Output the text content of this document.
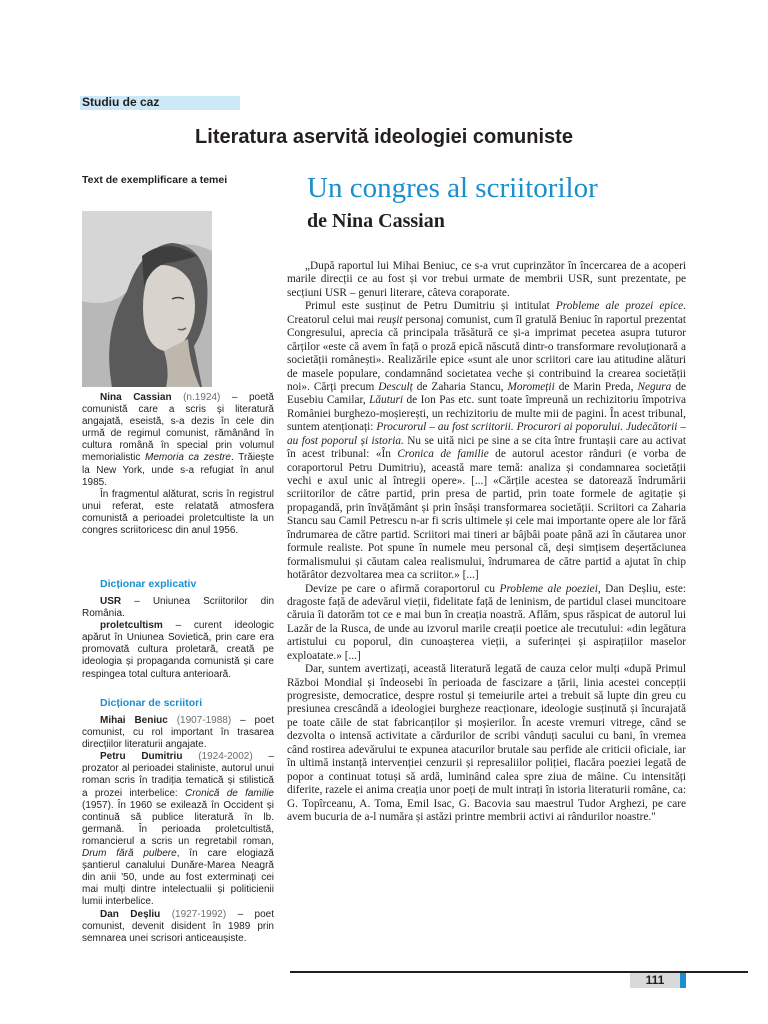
Studiu de caz
Literatura aservită ideologiei comuniste
Text de exemplificare a temei

Nina Cassian (n.1924) – poetă comunistă care a scris și literatură angajată, eseistă, s-a dezis în cele din urmă de regimul comunist, rămânând în cultura română în special prin volumul memorialistic Memoria ca zestre. Trăiește la New York, unde s-a refugiat în anul 1985.

În fragmentul alăturat, scris în registrul unui referat, este relatată atmosfera comunistă a perioadei proletcultiste la un congres scriitoricesc din anul 1956.

Dicționar explicativ

USR – Uniunea Scriitorilor din România.

proletcultism – curent ideologic apărut în Uniunea Sovietică, prin care era promovată cultura proletară, creată pe ideologia și propaganda comunistă și care respingea total cultura anterioară.

Dicționar de scriitori

Mihai Beniuc (1907-1988) – poet comunist, cu rol important în trasarea direcțiilor literaturii angajate.

Petru Dumitriu (1924-2002) – prozator al perioadei staliniste, autorul unui roman scris în tradiția tematică și stilistică a prozei interbelice: Cronică de familie (1957). În 1960 se exilează în Occident și continuă să publice literatură în lb. germană. În perioada proletcultistă, romancierul a scris un regretabil roman, Drum fără pulbere, în care elogiază șantierul canalului Dunăre-Marea Neagră din anii '50, unde au fost exterminați cei mai mulți dintre intelectualii și politicienii lumii interbelice.

Dan Deșliu (1927-1992) – poet comunist, devenit disident în 1989 prin semnarea unei scrisori anticeaușiste.

Un congres al scriitorilor
de Nina Cassian

„După raportul lui Mihai Beniuc, ce s-a vrut cuprinzător în încercarea de a acoperi marile direcții ce au fost și vor trebui urmate de membrii USR, sunt prezentate, pe secțiuni USR – genuri literare, câteva coraporate.

Primul este susținut de Petru Dumitriu și intitulat Probleme ale prozei epice. Creatorul celui mai reușit personaj comunist, cum îl gratulă Beniuc în raportul prezentat Congresului, aprecia că principala trăsătură ce și-a imprimat pecetea asupra tuturor cărților «este că avem în față o proză epică născută dintr-o transformare revoluționară a societății românești». Realizările epice «sunt ale unor scriitori care iau atitudine alături de masele populare, condamnând societatea veche și contribuind la crearea societății noi». Cărți precum Desculț de Zaharia Stancu, Moromeții de Marin Preda, Negura de Eusebiu Camilar, Lăuturi de Ion Pas etc. sunt toate împreună un rechizitoriu împotriva României burghezo-moșierești, un rechizitoriu de multe mii de pagini. În acest tribunal, suntem atenționați: Procurorul – au fost scriitorii. Procurori ai poporului. Judecătorii – au fost poporul și istoria. Nu se uită nici pe sine a se cita între fruntașii care au activat în acest tribunal: «În Cronica de familie de autorul acestor rânduri (e vorba de coraportorul Petru Dumitriu), această mare temă: analiza și condamnarea societății vechi e axul unic al întregii opere». [...] «Cărțile acestea se datorează îndrumării scriitorilor de către partid, prin presa de partid, prin toate formele de agitație și propagandă, prin învățământ și prin însăși transformarea societății. Scriitori ca Zaharia Stancu sau Camil Petrescu n-ar fi scris ultimele și cele mai importante opere ale lor fără îndrumarea de către partid. Scriitori mai tineri ar bâjbâi poate până azi în căutarea unor formule realiste. Pot spune în numele meu personal că, deși simțisem deșertăciunea formalismului și căutam calea realismului, îndrumarea de către partid a ajutat în chip hotărâtor dezvoltarea mea ca scriitor.» [...]

Devize pe care o afirmă coraportorul cu Probleme ale poeziei, Dan Deșliu, este: dragoste față de adevărul vieții, fidelitate față de leninism, de partidul clasei muncitoare căruia îi datorăm tot ce e mai bun în creația noastră. Aflăm, spus răspicat de autorul lui Lazăr de la Rusca, de unde au izvorul marile creații poetice ale trecutului: «din legătura artistului cu poporul, din cunoașterea vieții, a suferinței și aspirațiilor maselor exploatate.» [...]

Dar, suntem avertizați, această literatură legată de cauza celor mulți «după Primul Război Mondial și îndeosebi în perioada de fascizare a țării, linia acestei concepții progresiste, democratice, despre rostul și temeiurile artei a trebuit să lupte din greu cu presiunea crescândă a ideologiei burgheze reacționare, ideologie susținută și încurajată pe toate căile de stat fabricanților și moșierilor. În aceste vremuri vitrege, când se dezvolta o intensă activitate a cărdurilor de scribi vânduți sacului cu bani, în vremea când rostirea adevărului te expunea atacurilor brutale sau perfide ale criticii oficiale, iar în ultimă instanță intervenției cenzurii și represaliilor poliției, flacăra poeziei legată de popor a continuat totuși să ardă, luminând calea spre ziua de mâine. Cu intensități diferite, razele ei anima creația unor poeți de mult intrați în istoria literaturii române, ca: G. Topîrceanu, A. Toma, Emil Isac, G. Bacovia sau maestrul Tudor Arghezi, pe care avem bucuria de a-l număra și astăzi printre membrii activi ai rândurilor noastre."

111
